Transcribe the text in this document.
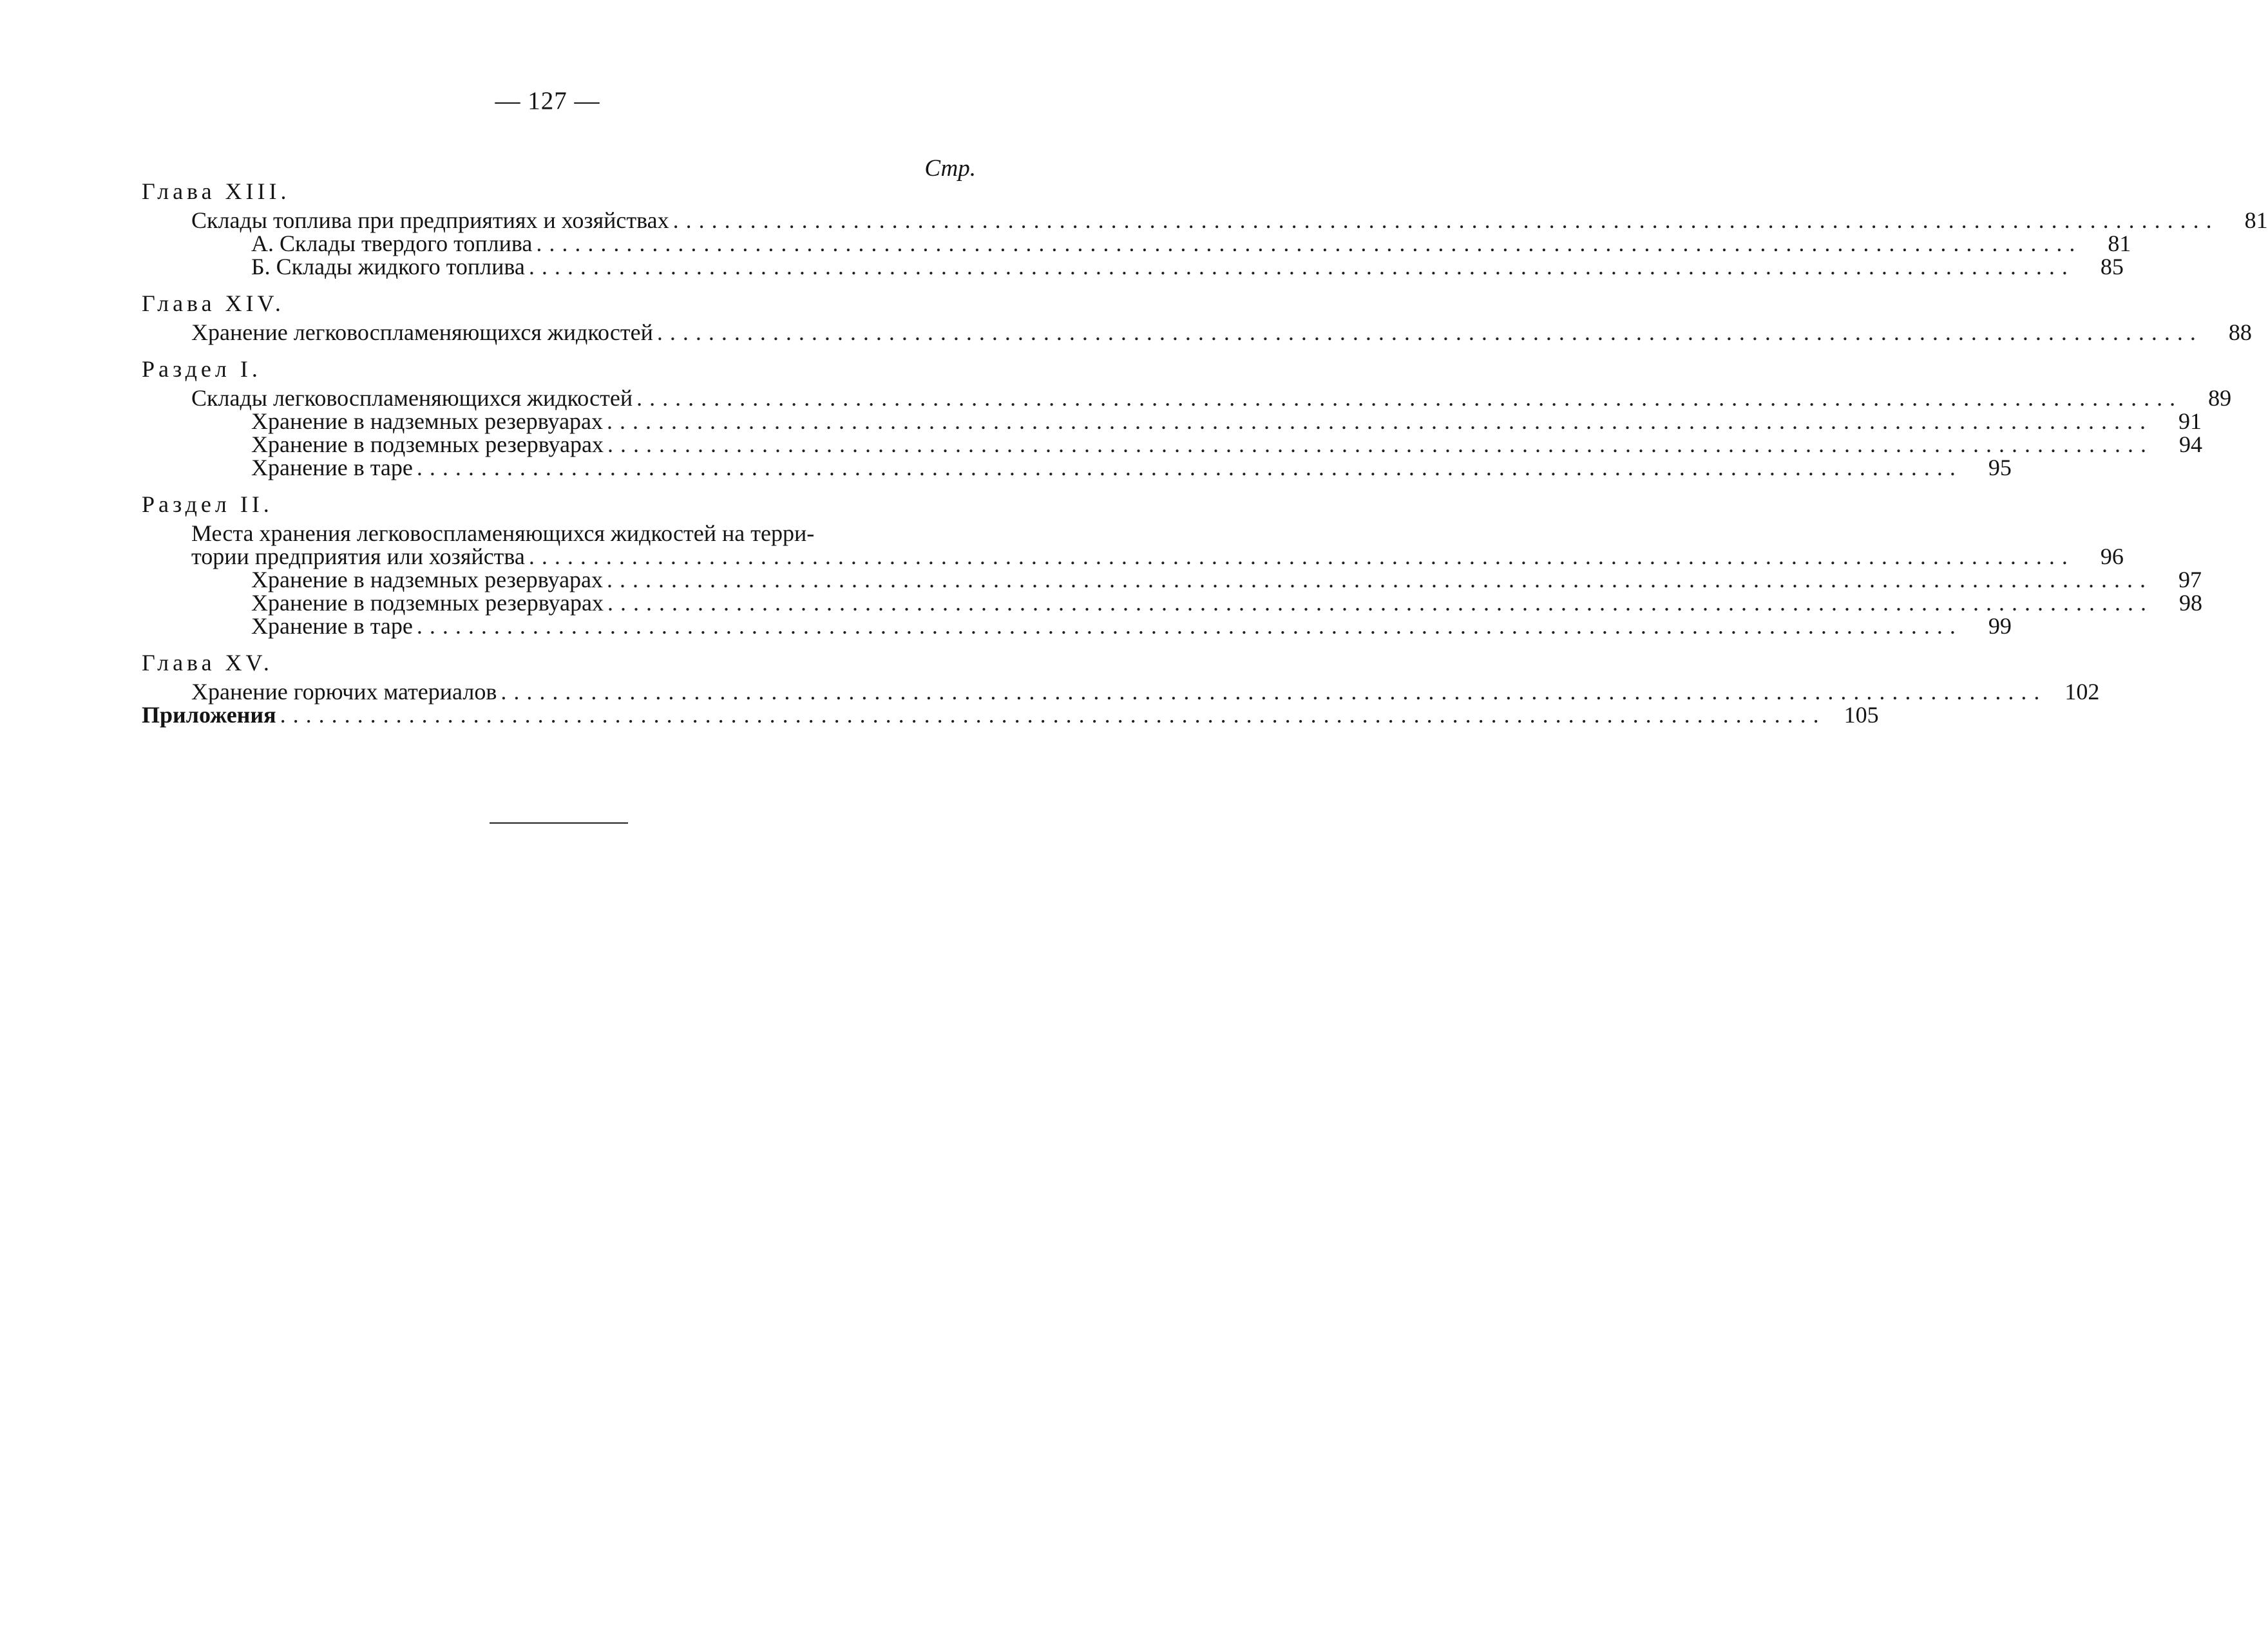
— 127 —
Стр.
Глава XIII.
Склады топлива при предприятиях и хозяйствах ........................................................................................................................	81
А. Склады твердого топлива ........................................................................................................................	81
Б. Склады жидкого топлива ........................................................................................................................	85
Глава XIV.
Хранение легковоспламеняющихся жидкостей ........................................................................................................................	88
Раздел I.
Склады легковоспламеняющихся жидкостей ........................................................................................................................	89
Хранение в надземных резервуарах ........................................................................................................................	91
Хранение в подземных резервуарах ........................................................................................................................	94
Хранение в таре ........................................................................................................................	95
Раздел II.
Места хранения легковоспламеняющихся жидкостей на терри-
тории предприятия или хозяйства ........................................................................................................................	96
Хранение в надземных резервуарах ........................................................................................................................	97
Хранение в подземных резервуарах ........................................................................................................................	98
Хранение в таре ........................................................................................................................	99
Глава XV.
Хранение горючих материалов ........................................................................................................................ 102
Приложения ........................................................................................................................ 105
